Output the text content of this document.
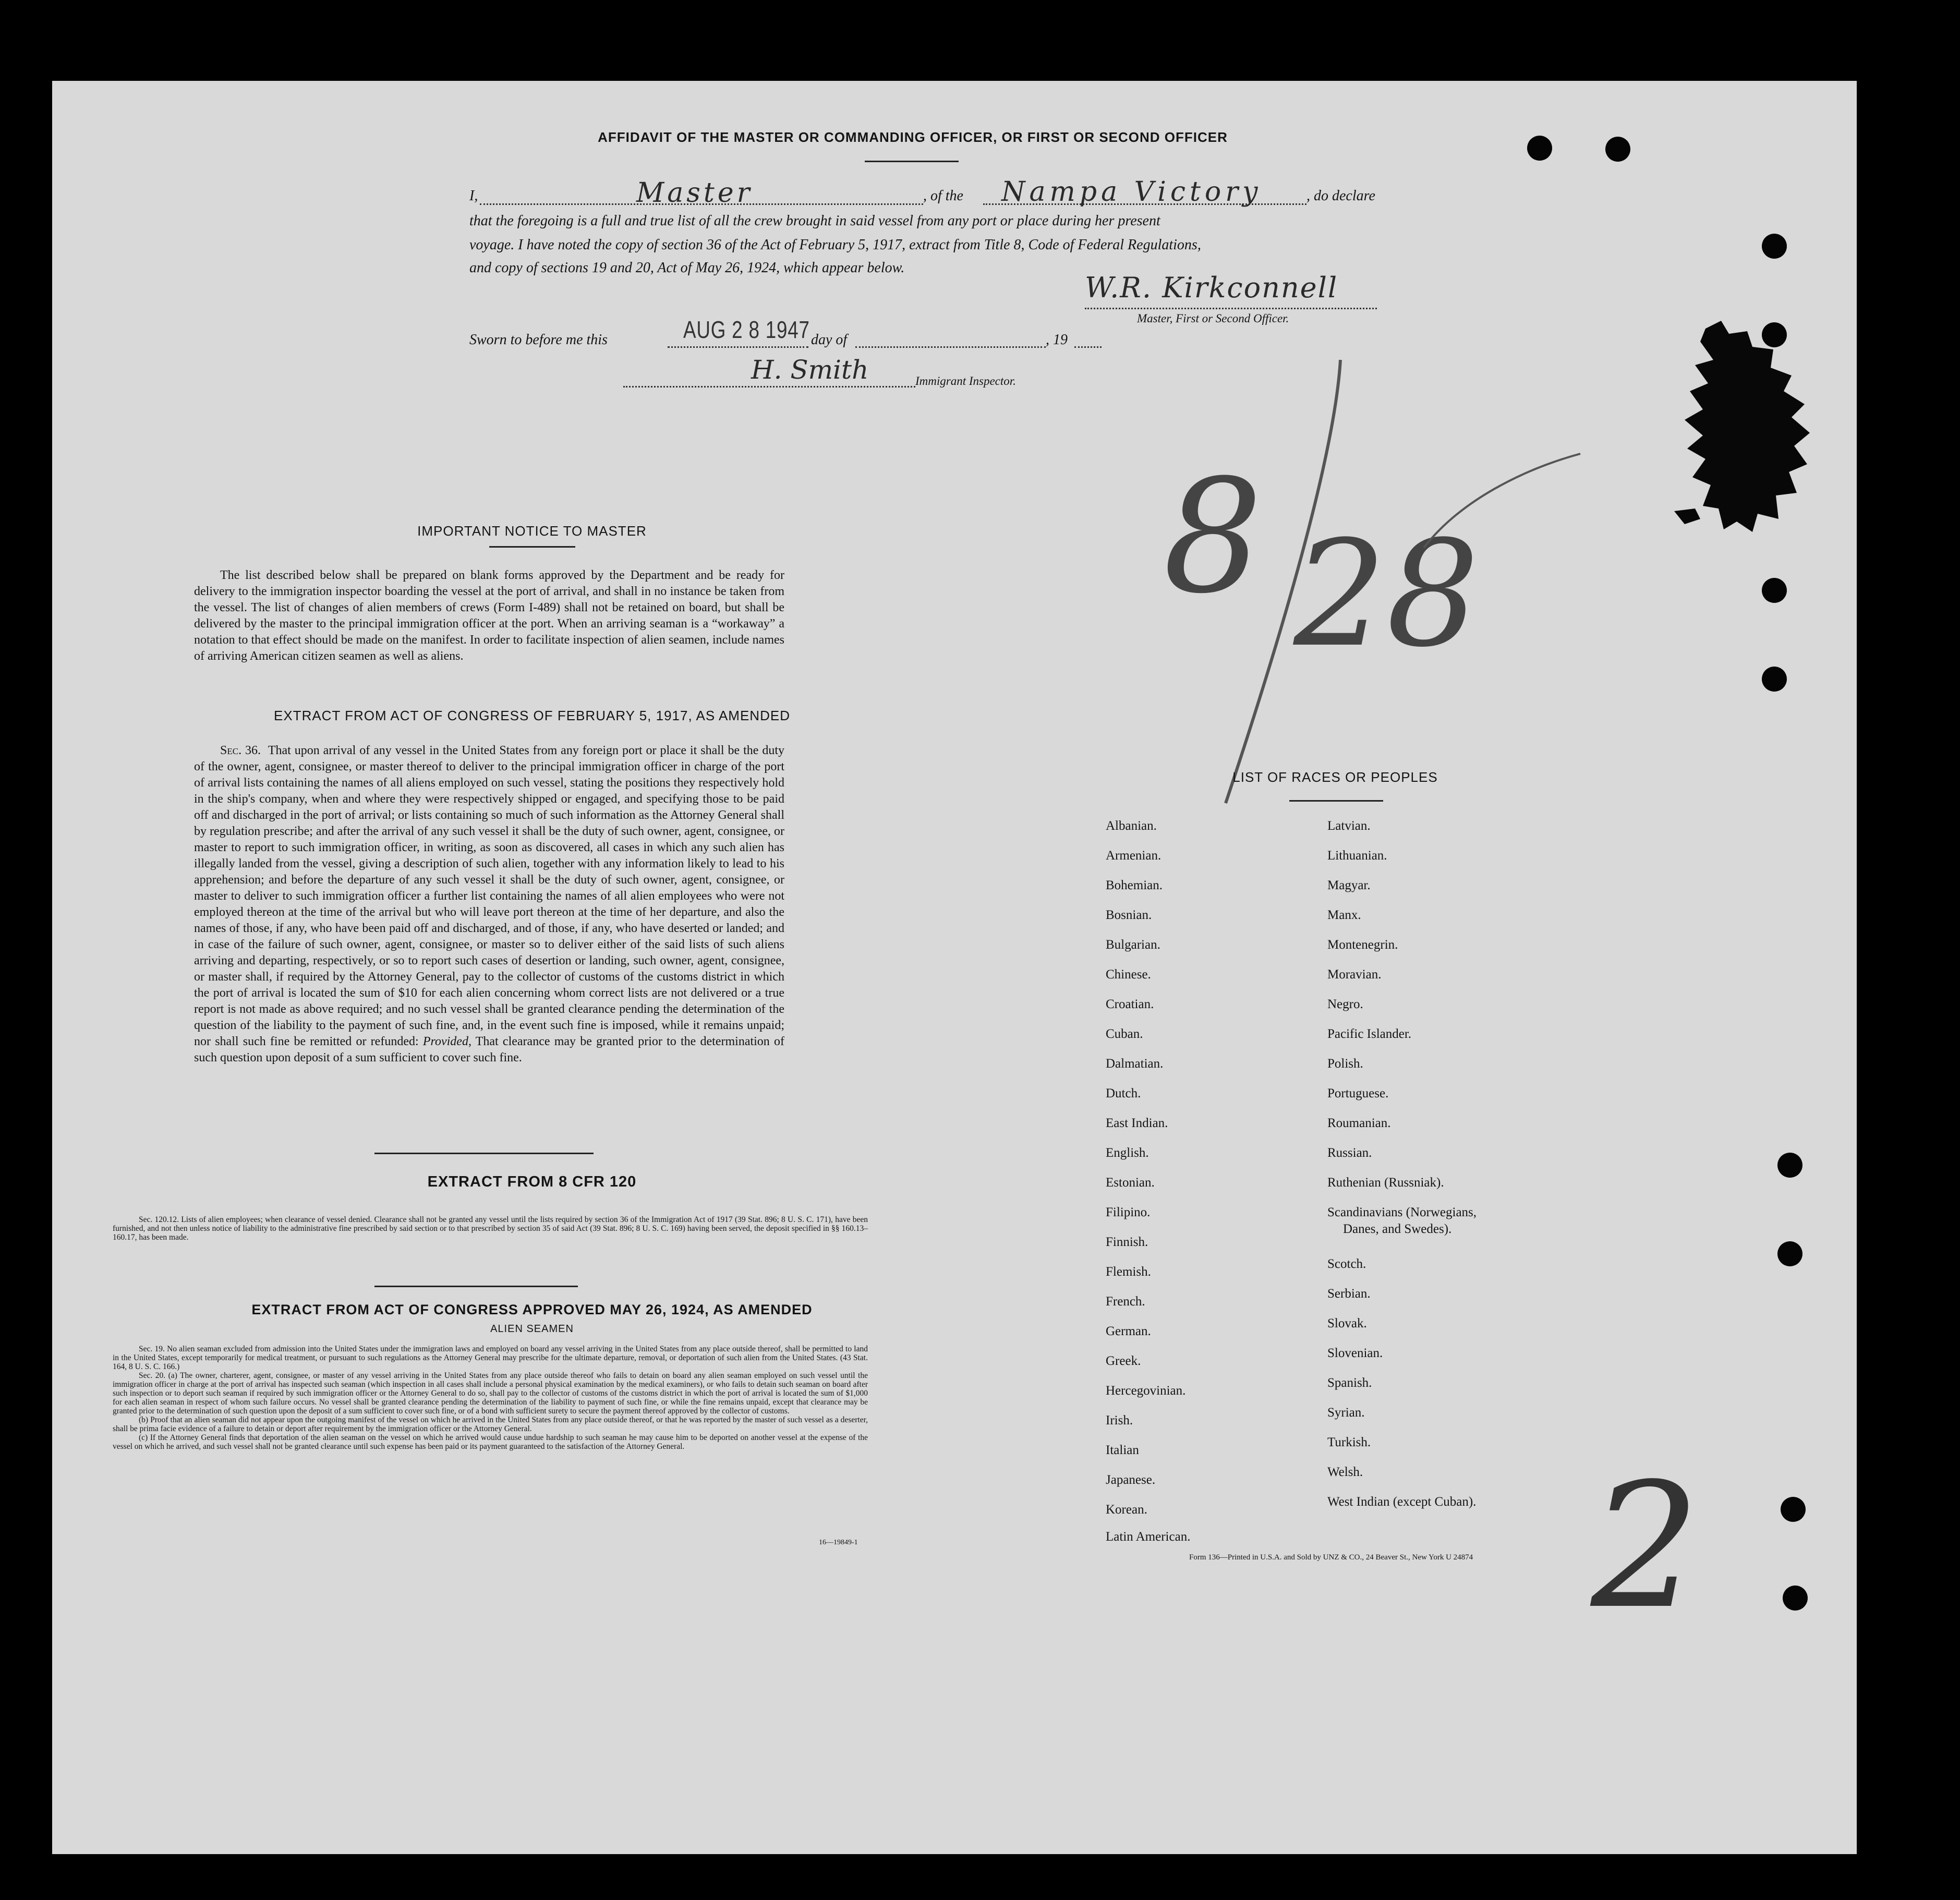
AFFIDAVIT OF THE MASTER OR COMMANDING OFFICER, OR FIRST OR SECOND OFFICER
I,	Master	, of the Nampa Victory	, do declare
that the foregoing is a full and true list of all the crew brought in said vessel from any port or place during her present
voyage. I have noted the copy of section 36 of the Act of February 5, 1917, extract from Title 8, Code of Federal Regulations,
and copy of sections 19 and 20, Act of May 26, 1924, which appear below.
W.R. Kirkconnell
Master, First or Second Officer.
Sworn to before me this	AUG 2 8 1947 day of	, 19
H. Smith	Immigrant Inspector.
8 28
2
IMPORTANT NOTICE TO MASTER
The list described below shall be prepared on blank forms approved by the Department and be ready for delivery to the immigration inspector boarding the vessel at the port of arrival, and shall in no instance be taken from the vessel. The list of changes of alien members of crews (Form I-489) shall not be retained on board, but shall be delivered by the master to the principal immigration officer at the port. When an arriving seaman is a “workaway” a notation to that effect should be made on the manifest. In order to facilitate inspection of alien seamen, include names of arriving American citizen seamen as well as aliens.
EXTRACT FROM ACT OF CONGRESS OF FEBRUARY 5, 1917, AS AMENDED
Sec. 36. That upon arrival of any vessel in the United States from any foreign port or place it shall be the duty of the owner, agent, consignee, or master thereof to deliver to the principal immigration officer in charge of the port of arrival lists containing the names of all aliens employed on such vessel, stating the positions they respectively hold in the ship's company, when and where they were respectively shipped or engaged, and specifying those to be paid off and discharged in the port of arrival; or lists containing so much of such information as the Attorney General shall by regulation prescribe; and after the arrival of any such vessel it shall be the duty of such owner, agent, consignee, or master to report to such immigration officer, in writing, as soon as discovered, all cases in which any such alien has illegally landed from the vessel, giving a description of such alien, together with any information likely to lead to his apprehension; and before the departure of any such vessel it shall be the duty of such owner, agent, consignee, or master to deliver to such immigration officer a further list containing the names of all alien employees who were not employed thereon at the time of the arrival but who will leave port thereon at the time of her departure, and also the names of those, if any, who have been paid off and discharged, and of those, if any, who have deserted or landed; and in case of the failure of such owner, agent, consignee, or master so to deliver either of the said lists of such aliens arriving and departing, respectively, or so to report such cases of desertion or landing, such owner, agent, consignee, or master shall, if required by the Attorney General, pay to the collector of customs of the customs district in which the port of arrival is located the sum of $10 for each alien concerning whom correct lists are not delivered or a true report is not made as above required; and no such vessel shall be granted clearance pending the determination of the question of the liability to the payment of such fine, and, in the event such fine is imposed, while it remains unpaid; nor shall such fine be remitted or refunded: Provided, That clearance may be granted prior to the determination of such question upon deposit of a sum sufficient to cover such fine.
EXTRACT FROM 8 CFR 120
Sec. 120.12. Lists of alien employees; when clearance of vessel denied. Clearance shall not be granted any vessel until the lists required by section 36 of the Immigration Act of 1917 (39 Stat. 896; 8 U. S. C. 171), have been furnished, and not then unless notice of liability to the administrative fine prescribed by said section or to that prescribed by section 35 of said Act (39 Stat. 896; 8 U. S. C. 169) having been served, the deposit specified in §§ 160.13–160.17, has been made.
EXTRACT FROM ACT OF CONGRESS APPROVED MAY 26, 1924, AS AMENDED
ALIEN SEAMEN
Sec. 19. No alien seaman excluded from admission into the United States under the immigration laws and employed on board any vessel arriving in the United States from any place outside thereof, shall be permitted to land in the United States, except temporarily for medical treatment, or pursuant to such regulations as the Attorney General may prescribe for the ultimate departure, removal, or deportation of such alien from the United States. (43 Stat. 164, 8 U. S. C. 166.)
Sec. 20. (a) The owner, charterer, agent, consignee, or master of any vessel arriving in the United States from any place outside thereof who fails to detain on board any alien seaman employed on such vessel until the immigration officer in charge at the port of arrival has inspected such seaman (which inspection in all cases shall include a personal physical examination by the medical examiners), or who fails to detain such seaman on board after such inspection or to deport such seaman if required by such immigration officer or the Attorney General to do so, shall pay to the collector of customs of the customs district in which the port of arrival is located the sum of $1,000 for each alien seaman in respect of whom such failure occurs. No vessel shall be granted clearance pending the determination of the liability to payment of such fine, or while the fine remains unpaid, except that clearance may be granted prior to the determination of such question upon the deposit of a sum sufficient to cover such fine, or of a bond with sufficient surety to secure the payment thereof approved by the collector of customs.
(b) Proof that an alien seaman did not appear upon the outgoing manifest of the vessel on which he arrived in the United States from any place outside thereof, or that he was reported by the master of such vessel as a deserter, shall be prima facie evidence of a failure to detain or deport after requirement by the immigration officer or the Attorney General.
(c) If the Attorney General finds that deportation of the alien seaman on the vessel on which he arrived would cause undue hardship to such seaman he may cause him to be deported on another vessel at the expense of the vessel on which he arrived, and such vessel shall not be granted clearance until such expense has been paid or its payment guaranteed to the satisfaction of the Attorney General.
16—19849-1
LIST OF RACES OR PEOPLES
Albanian.
Armenian.
Bohemian.
Bosnian.
Bulgarian.
Chinese.
Croatian.
Cuban.
Dalmatian.
Dutch.
East Indian.
English.
Estonian.
Filipino.
Finnish.
Flemish.
French.
German.
Greek.
Hercegovinian.
Irish.
Italian
Japanese.
Korean.
Latin American.
Latvian.
Lithuanian.
Magyar.
Manx.
Montenegrin.
Moravian.
Negro.
Pacific Islander.
Polish.
Portuguese.
Roumanian.
Russian.
Ruthenian (Russniak).
Scandinavians (Norwegians,
Danes, and Swedes).
Scotch.
Serbian.
Slovak.
Slovenian.
Spanish.
Syrian.
Turkish.
Welsh.
West Indian (except Cuban).
Form 136—Printed in U.S.A. and Sold by UNZ & CO., 24 Beaver St., New York U 24874
